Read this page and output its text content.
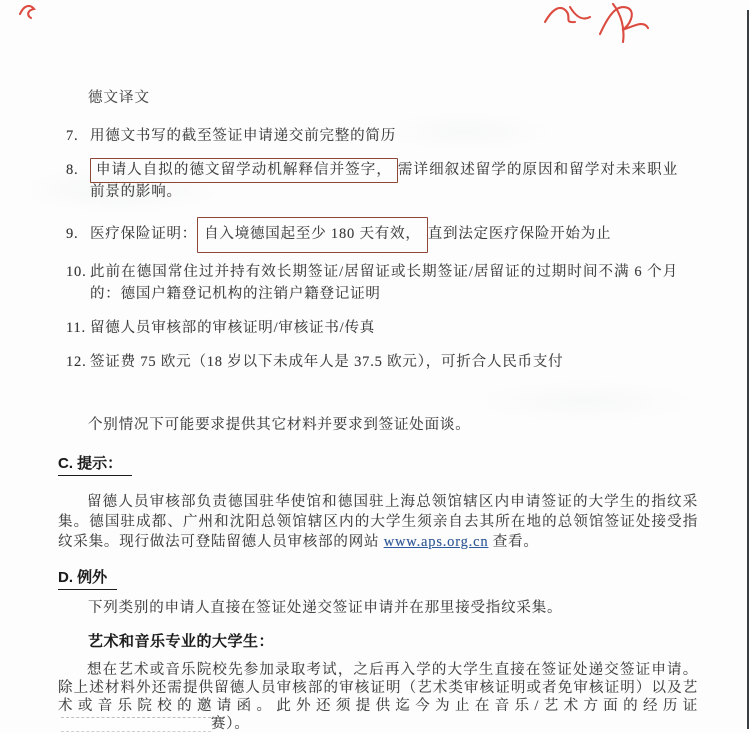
德文译文
7. 用德文书写的截至签证申请递交前完整的简历
8.	申请人自拟的德文留学动机解释信并签字， 需详细叙述留学的原因和留学对未来职业前景的影响。
9. 医疗保险证明： 自入境德国起至少 180 天有效， 直到法定医疗保险开始为止
10. 此前在德国常住过并持有效长期签证/居留证或长期签证/居留证的过期时间不满 6 个月的：德国户籍登记机构的注销户籍登记证明
11. 留德人员审核部的审核证明/审核证书/传真
12. 签证费 75 欧元（18 岁以下未成年人是 37.5 欧元），可折合人民币支付
个别情况下可能要求提供其它材料并要求到签证处面谈。
C. 提示：
留德人员审核部负责德国驻华使馆和德国驻上海总领馆辖区内申请签证的大学生的指纹采集。德国驻成都、广州和沈阳总领馆辖区内的大学生须亲自去其所在地的总领馆签证处接受指纹采集。现行做法可登陆留德人员审核部的网站 www.aps.org.cn 查看。
D. 例外
下列类别的申请人直接在签证处递交签证申请并在那里接受指纹采集。
艺术和音乐专业的大学生：
想在艺术或音乐院校先参加录取考试，之后再入学的大学生直接在签证处递交签证申请。除上述材料外还需提供留德人员审核部的审核证明（艺术类审核证明或者免审核证明）以及艺术或音乐院校的邀请函。此外还须提供迄今为止在音乐/艺术方面的经历证赛）。
